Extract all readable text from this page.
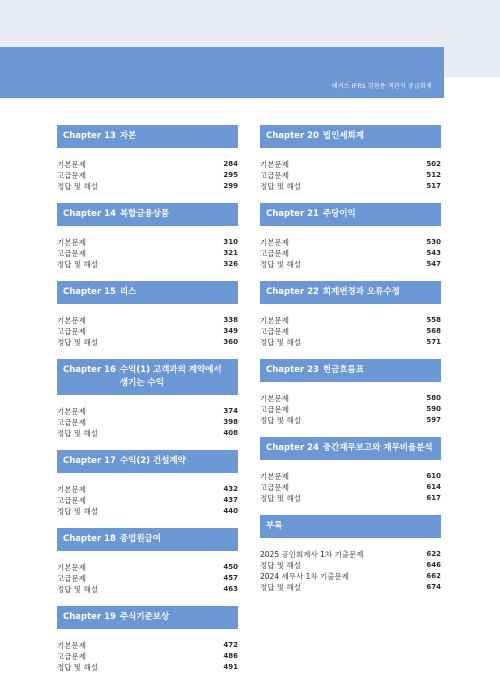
해커스 IFRS 김원종 객관식 중급회계
Chapter 13 자본
기본문제	284
고급문제	295
정답 및 해설	299
Chapter 14 복합금융상품
기본문제	310
고급문제	321
정답 및 해설	326
Chapter 15 리스
기본문제	338
고급문제	349
정답 및 해설	360
Chapter 16 수익(1) 고객과의 계약에서 생기는 수익
기본문제	374
고급문제	398
정답 및 해설	408
Chapter 17 수익(2) 건설계약
기본문제	432
고급문제	437
정답 및 해설	440
Chapter 18 종업원급여
기본문제	450
고급문제	457
정답 및 해설	463
Chapter 19 주식기준보상
기본문제	472
고급문제	486
정답 및 해설	491
Chapter 20 법인세회계
기본문제	502
고급문제	512
정답 및 해설	517
Chapter 21 주당이익
기본문제	530
고급문제	543
정답 및 해설	547
Chapter 22 회계변경과 오류수정
기본문제	558
고급문제	568
정답 및 해설	571
Chapter 23 현금흐름표
기본문제	580
고급문제	590
정답 및 해설	597
Chapter 24 중간재무보고와 재무비율분석
기본문제	610
고급문제	614
정답 및 해설	617
부록
2025 공인회계사 1차 기출문제	622
정답 및 해설	646
2024 세무사 1차 기출문제	662
정답 및 해설	674
